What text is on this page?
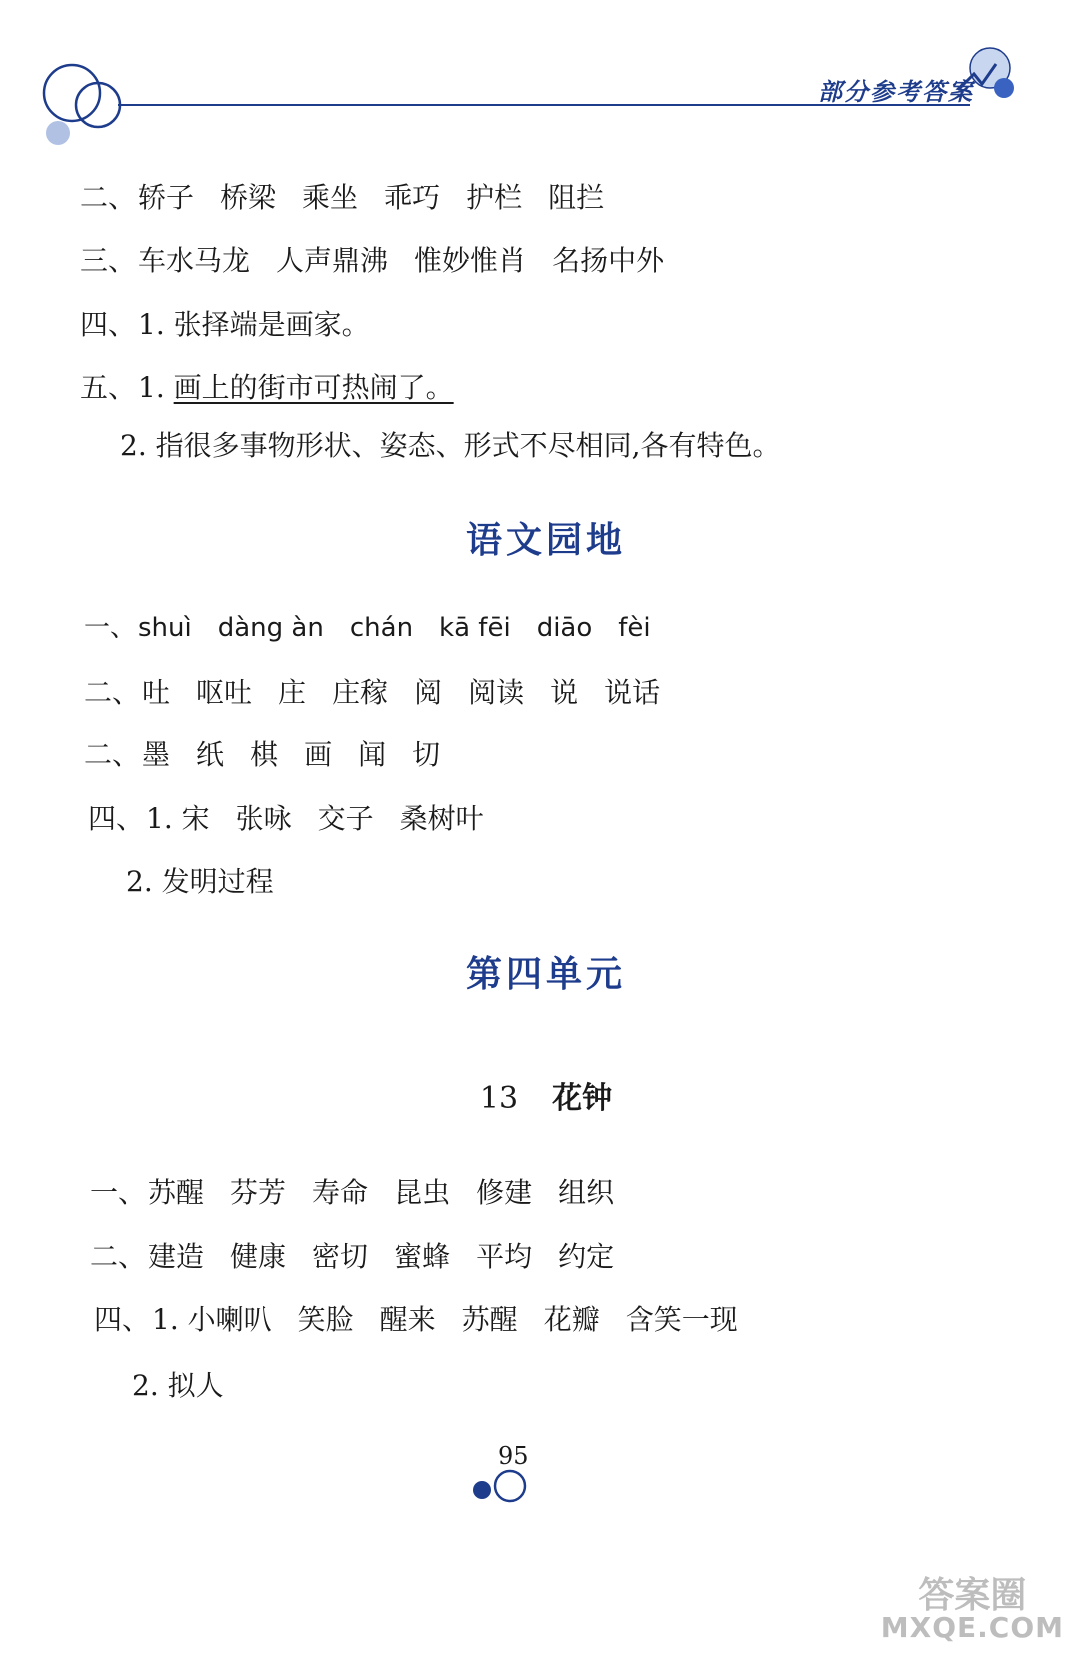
部分参考答案
二、轿子 桥梁 乘坐 乖巧 护栏 阻拦
三、车水马龙 人声鼎沸 惟妙惟肖 名扬中外
四、1. 张择端是画家。
五、1. 画上的街市可热闹了。
2. 指很多事物形状、姿态、形式不尽相同,各有特色。
语文园地
一、shuì dàng àn chán kā fēi diāo fèi
二、吐 呕吐 庄 庄稼 阅 阅读 说 说话
二、墨 纸 棋 画 闻 切
四、1. 宋 张咏 交子 桑树叶
2. 发明过程
第四单元
13 花钟
一、苏醒 芬芳 寿命 昆虫 修建 组织
二、建造 健康 密切 蜜蜂 平均 约定
四、1. 小喇叭 笑脸 醒来 苏醒 花瓣 含笑一现
2. 拟人
95
答案圈
MXQE.COM
